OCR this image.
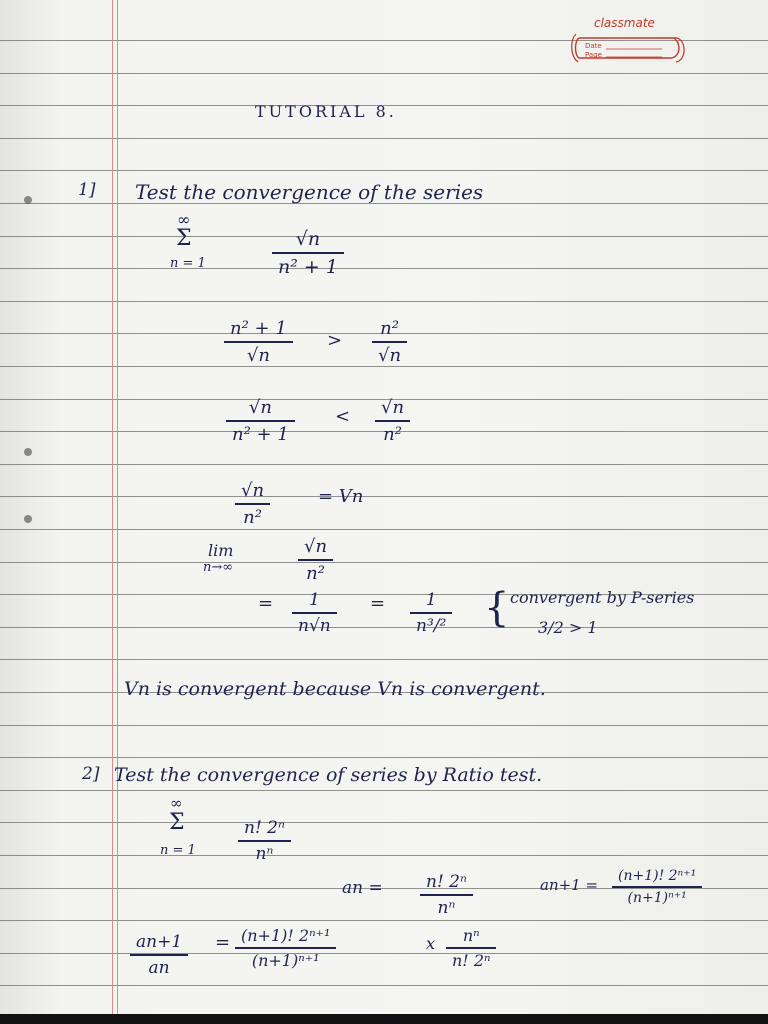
classmate
Date
Page
TUTORIAL 8.
1] Test the convergence of the series
∞
Σ
n = 1
√n
n² + 1
n² + 1
√n
>
n²
√n
√n
n² + 1
<	√n
n²
√n
n²
= Vn
lim
n→∞
√n
n²
=	1
n√n
=	1
n³/² { convergent by P-series
3/2 > 1
Vn is convergent because Vn is convergent.
2] Test the convergence of series by Ratio test.
∞
Σ
n = 1
n! 2ⁿ
nⁿ
an =	n! 2ⁿ
nⁿ
an+1 =	(n+1)! 2ⁿ⁺¹
(n+1)ⁿ⁺¹
an+1
an
= (n+1)! 2ⁿ⁺¹
(n+1)ⁿ⁺¹
x	nⁿ
n! 2ⁿ
